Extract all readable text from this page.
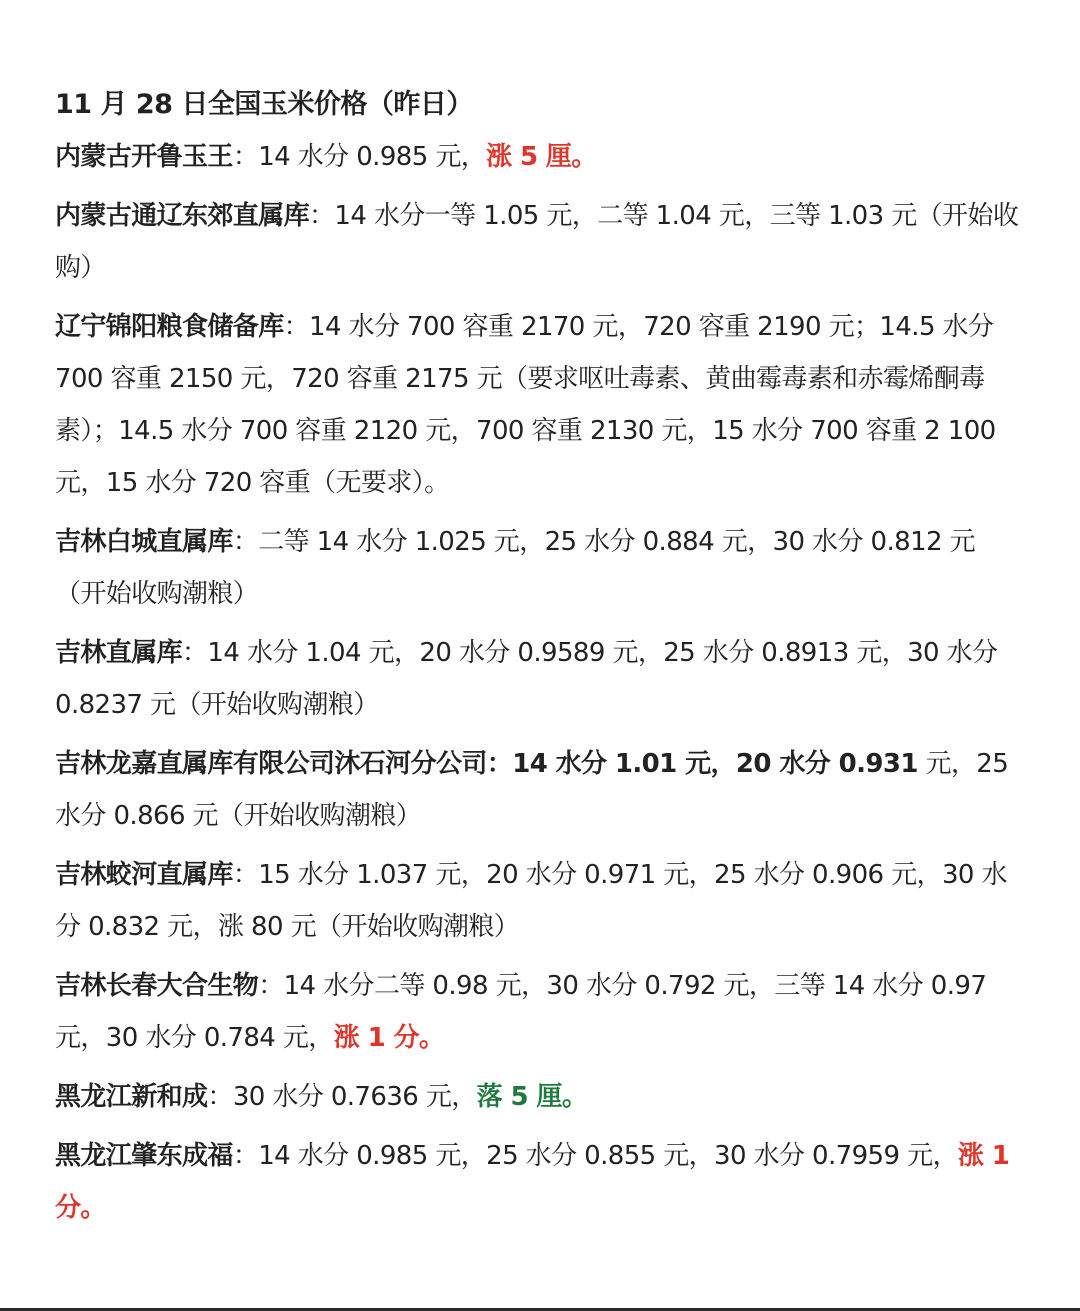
11 月 28 日全国玉米价格（昨日）
内蒙古开鲁玉王：14 水分 0.985 元，涨 5 厘。
内蒙古通辽东郊直属库：14 水分一等 1.05 元，二等 1.04 元，三等 1.03 元（开始收购）
辽宁锦阳粮食储备库：14 水分 700 容重 2170 元，720 容重 2190 元；14.5 水分 700 容重 2150 元，720 容重 2175 元（要求呕吐毒素、黄曲霉毒素和赤霉烯酮毒素）；14.5 水分 700 容重 2120 元，700 容重 2130 元，15 水分 700 容重 2 100 元，15 水分 720 容重（无要求）。
吉林白城直属库：二等 14 水分 1.025 元，25 水分 0.884 元，30 水分 0.812 元 （开始收购潮粮）
吉林直属库：14 水分 1.04 元，20 水分 0.9589 元，25 水分 0.8913 元，30 水分 0.8237 元（开始收购潮粮）
吉林龙嘉直属库有限公司沐石河分公司：14 水分 1.01 元，20 水分 0.931 元，25 水分 0.866 元（开始收购潮粮）
吉林蛟河直属库：15 水分 1.037 元，20 水分 0.971 元，25 水分 0.906 元，30 水分 0.832 元，涨 80 元（开始收购潮粮）
吉林长春大合生物：14 水分二等 0.98 元，30 水分 0.792 元，三等 14 水分 0.97 元，30 水分 0.784 元，涨 1 分。
黑龙江新和成：30 水分 0.7636 元，落 5 厘。
黑龙江肇东成福：14 水分 0.985 元，25 水分 0.855 元，30 水分 0.7959 元，涨 1 分。
